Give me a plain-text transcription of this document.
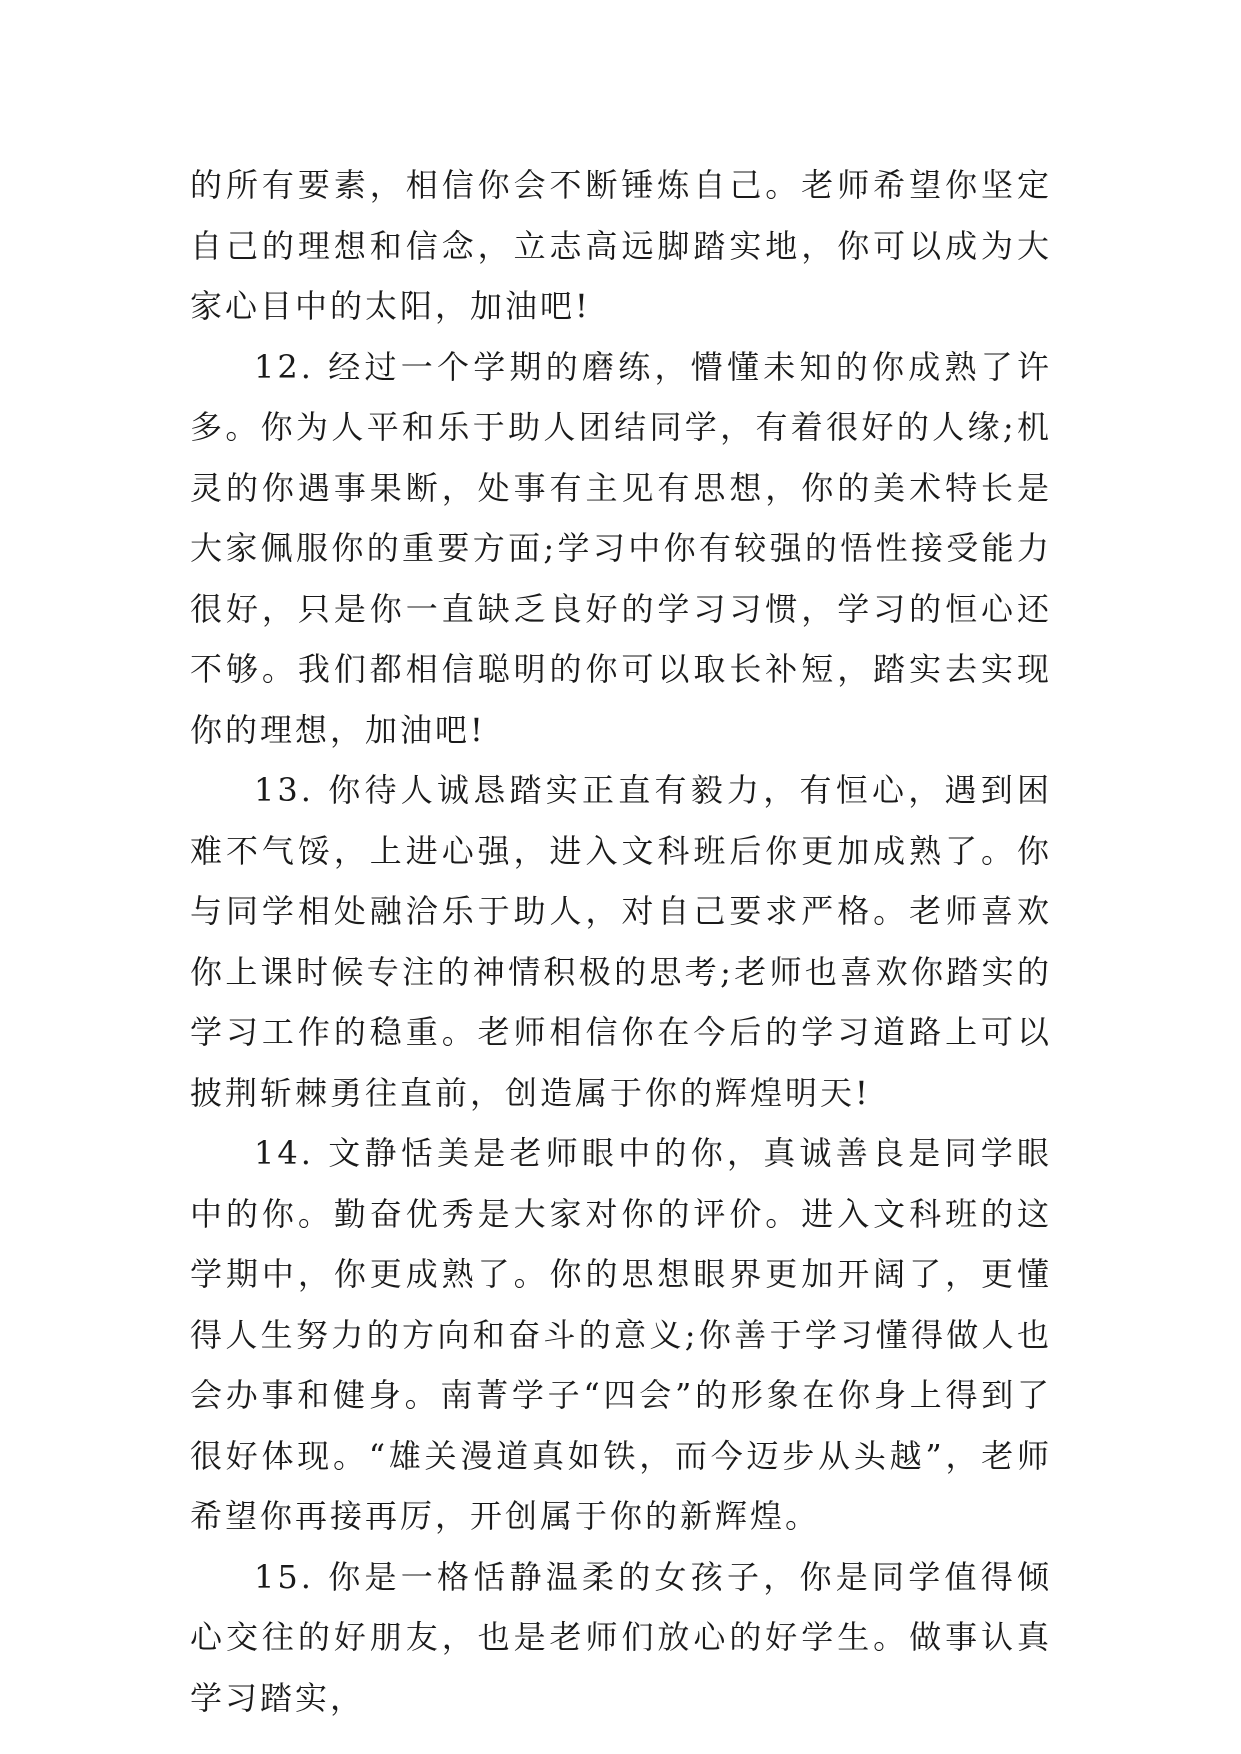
的所有要素，相信你会不断锤炼自己。老师希望你坚定自己的理想和信念，立志高远脚踏实地，你可以成为大家心目中的太阳，加油吧!

12. 经过一个学期的磨练，懵懂未知的你成熟了许多。你为人平和乐于助人团结同学，有着很好的人缘;机灵的你遇事果断，处事有主见有思想，你的美术特长是大家佩服你的重要方面;学习中你有较强的悟性接受能力很好，只是你一直缺乏良好的学习习惯，学习的恒心还不够。我们都相信聪明的你可以取长补短，踏实去实现你的理想，加油吧!

13. 你待人诚恳踏实正直有毅力，有恒心，遇到困难不气馁，上进心强，进入文科班后你更加成熟了。你与同学相处融洽乐于助人，对自己要求严格。老师喜欢你上课时候专注的神情积极的思考;老师也喜欢你踏实的学习工作的稳重。老师相信你在今后的学习道路上可以披荆斩棘勇往直前，创造属于你的辉煌明天!

14. 文静恬美是老师眼中的你，真诚善良是同学眼中的你。勤奋优秀是大家对你的评价。进入文科班的这学期中，你更成熟了。你的思想眼界更加开阔了，更懂得人生努力的方向和奋斗的意义;你善于学习懂得做人也会办事和健身。南菁学子“四会”的形象在你身上得到了很好体现。“雄关漫道真如铁，而今迈步从头越”，老师希望你再接再厉，开创属于你的新辉煌。

15. 你是一格恬静温柔的女孩子，你是同学值得倾心交往的好朋友，也是老师们放心的好学生。做事认真学习踏实，
